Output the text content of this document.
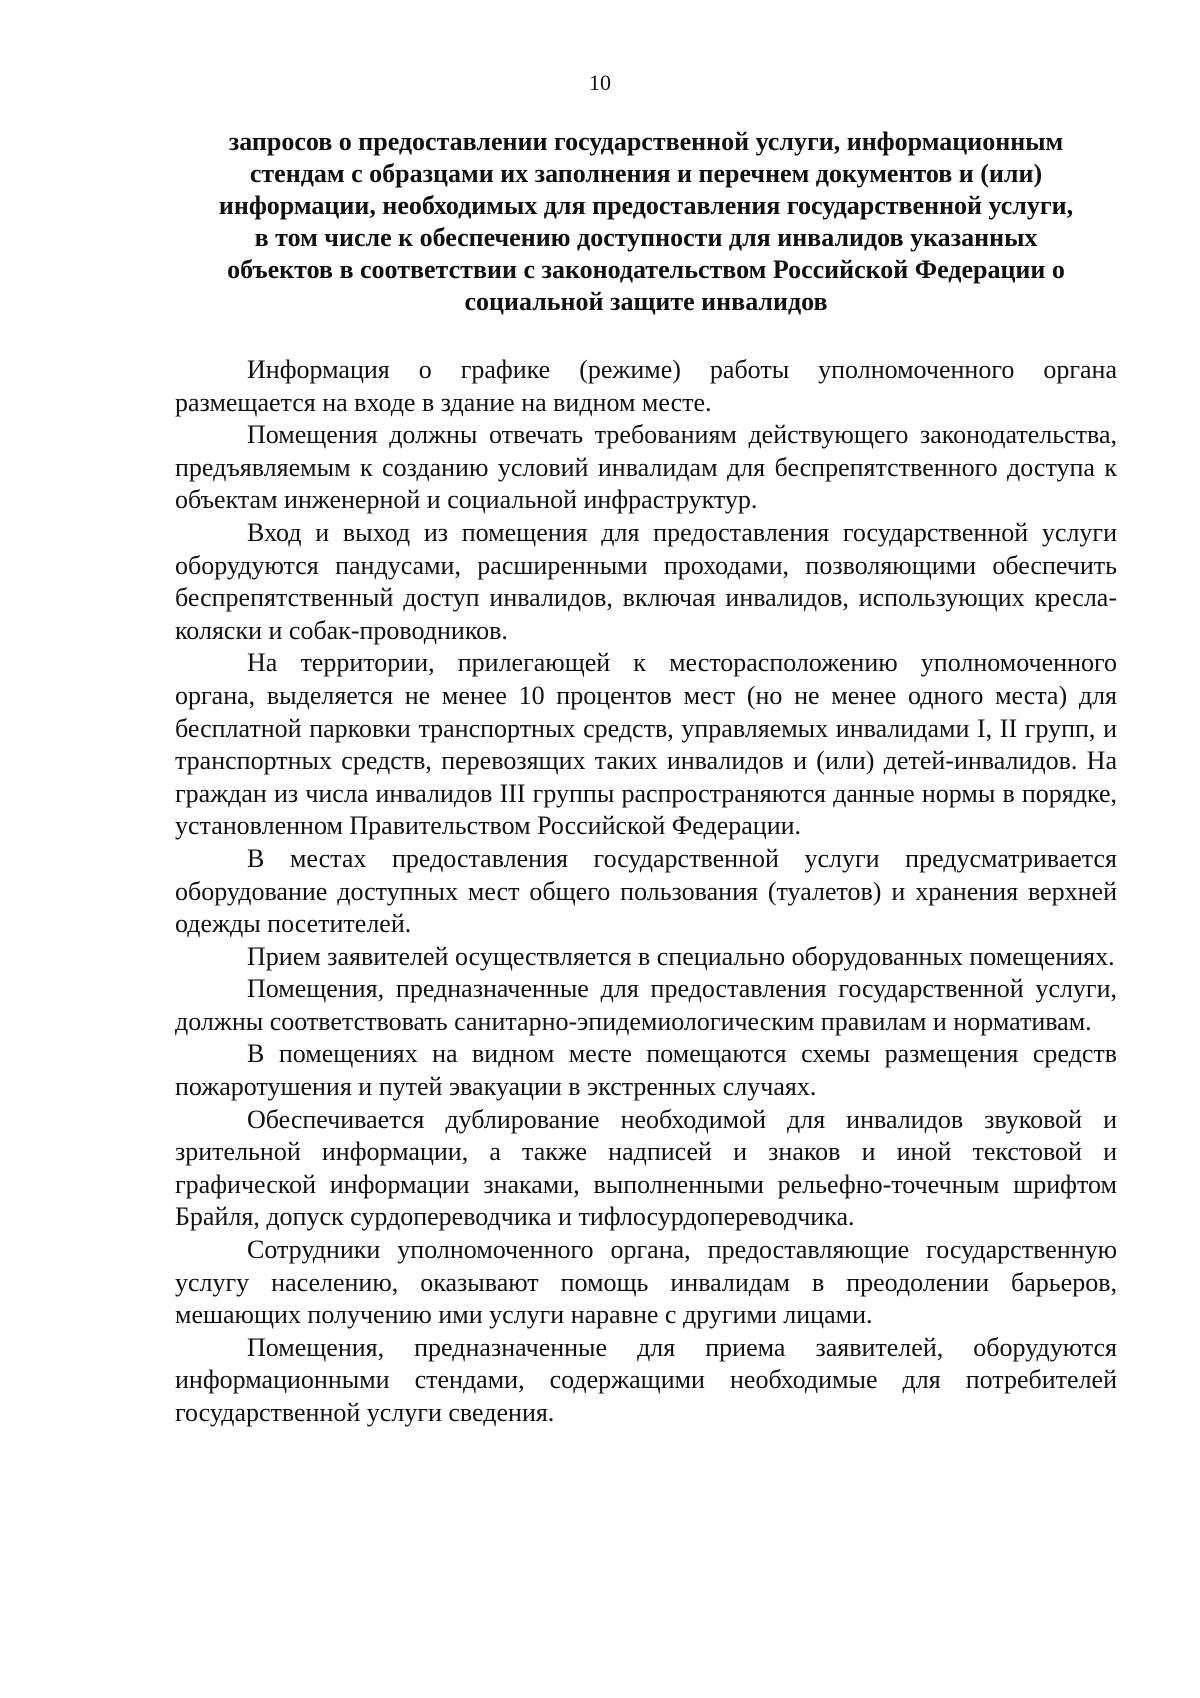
10
запросов о предоставлении государственной услуги, информационным
стендам с образцами их заполнения и перечнем документов и (или)
информации, необходимых для предоставления государственной услуги,
в том числе к обеспечению доступности для инвалидов указанных
объектов в соответствии с законодательством Российской Федерации о
социальной защите инвалидов

Информация о графике (режиме) работы уполномоченного органа размещается на входе в здание на видном месте.

Помещения должны отвечать требованиям действующего законодательства, предъявляемым к созданию условий инвалидам для беспрепятственного доступа к объектам инженерной и социальной инфраструктур.

Вход и выход из помещения для предоставления государственной услуги оборудуются пандусами, расширенными проходами, позволяющими обеспечить беспрепятственный доступ инвалидов, включая инвалидов, использующих кресла-коляски и собак-проводников.

На территории, прилегающей к месторасположению уполномоченного органа, выделяется не менее 10 процентов мест (но не менее одного места) для бесплатной парковки транспортных средств, управляемых инвалидами I, II групп, и транспортных средств, перевозящих таких инвалидов и (или) детей-инвалидов. На граждан из числа инвалидов III группы распространяются данные нормы в порядке, установленном Правительством Российской Федерации.

В местах предоставления государственной услуги предусматривается оборудование доступных мест общего пользования (туалетов) и хранения верхней одежды посетителей.

Прием заявителей осуществляется в специально оборудованных помещениях.

Помещения, предназначенные для предоставления государственной услуги, должны соответствовать санитарно-эпидемиологическим правилам и нормативам.

В помещениях на видном месте помещаются схемы размещения средств пожаротушения и путей эвакуации в экстренных случаях.

Обеспечивается дублирование необходимой для инвалидов звуковой и зрительной информации, а также надписей и знаков и иной текстовой и графической информации знаками, выполненными рельефно-точечным шрифтом Брайля, допуск сурдопереводчика и тифлосурдопереводчика.

Сотрудники уполномоченного органа, предоставляющие государственную услугу населению, оказывают помощь инвалидам в преодолении барьеров, мешающих получению ими услуги наравне с другими лицами.

Помещения, предназначенные для приема заявителей, оборудуются информационными стендами, содержащими необходимые для потребителей государственной услуги сведения.
